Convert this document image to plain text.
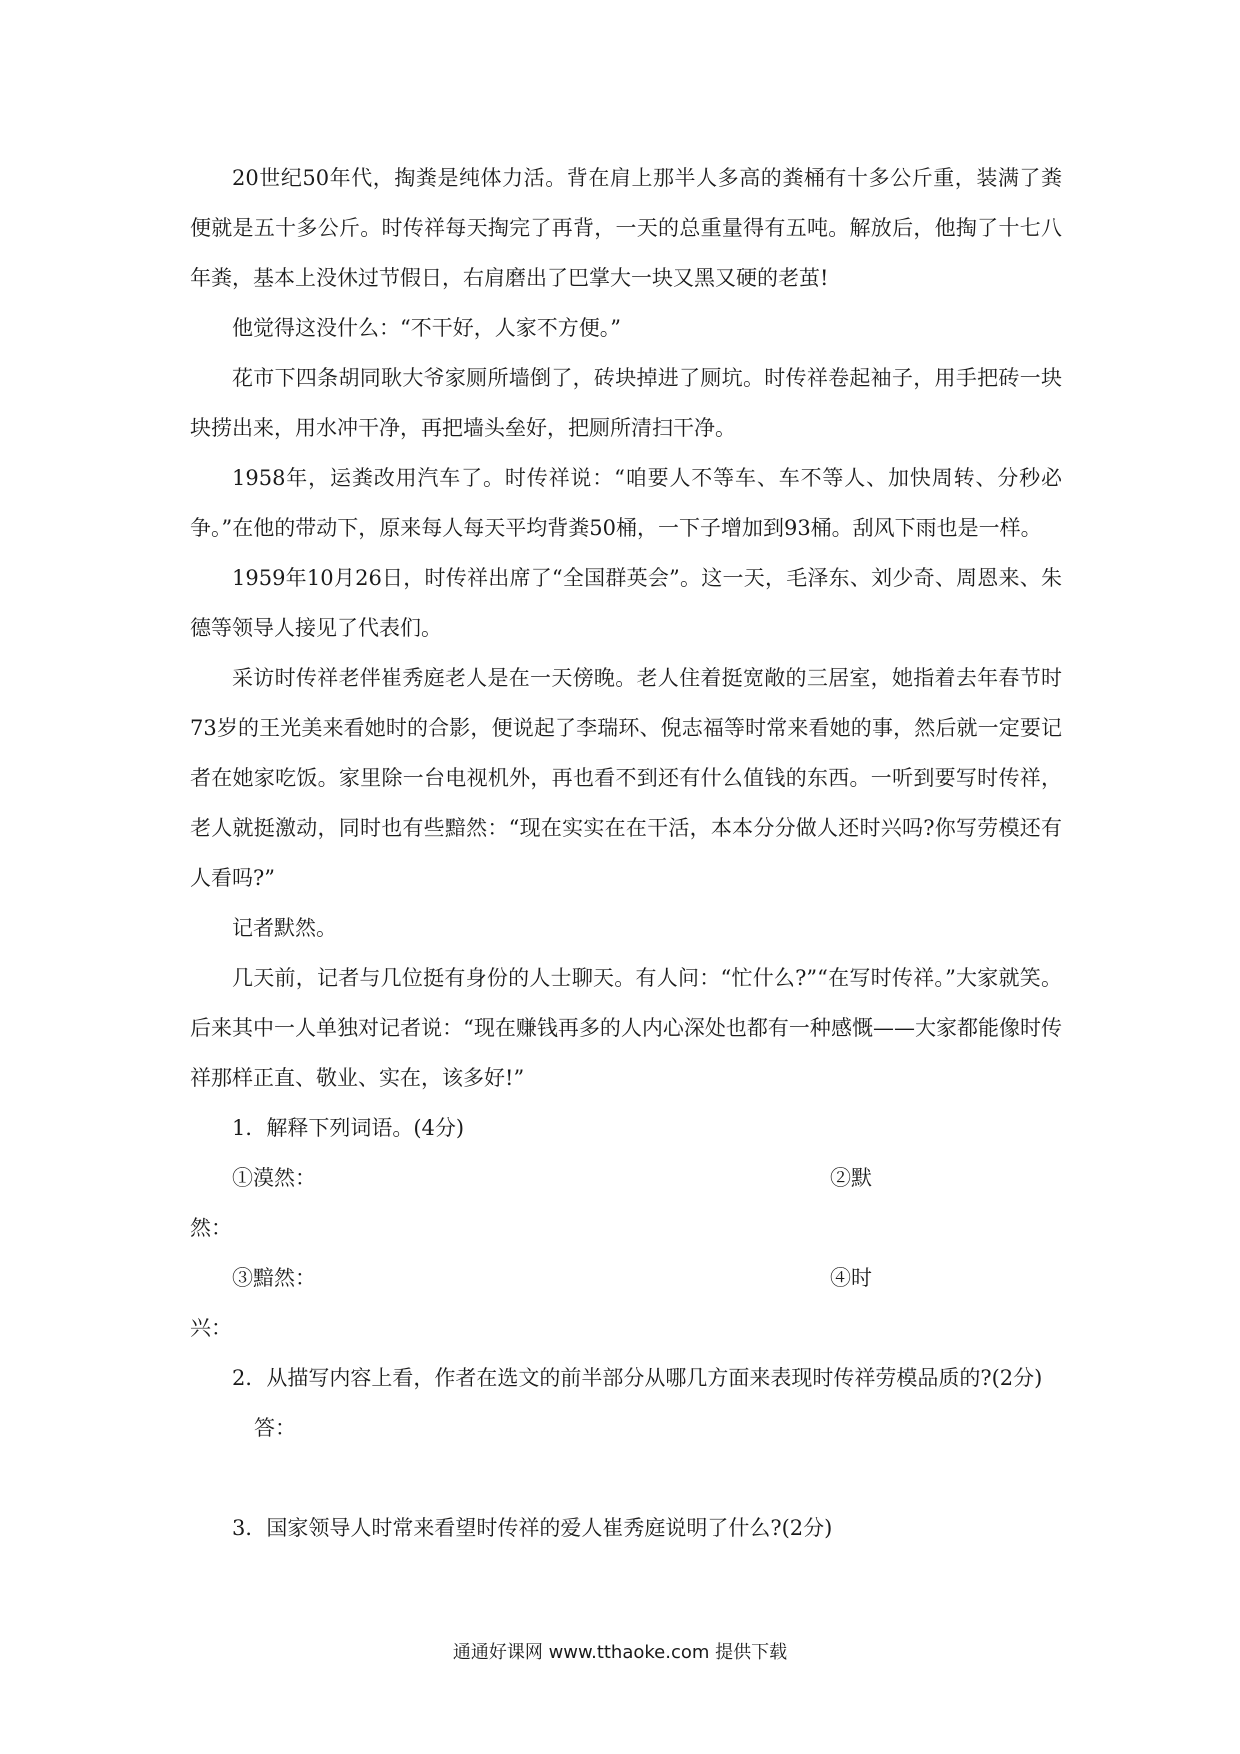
20世纪50年代，掏粪是纯体力活。背在肩上那半人多高的粪桶有十多公斤重，装满了粪便就是五十多公斤。时传祥每天掏完了再背，一天的总重量得有五吨。解放后，他掏了十七八年粪，基本上没休过节假日，右肩磨出了巴掌大一块又黑又硬的老茧!

他觉得这没什么：“不干好，人家不方便。”

花市下四条胡同耿大爷家厕所墙倒了，砖块掉进了厕坑。时传祥卷起袖子，用手把砖一块块捞出来，用水冲干净，再把墙头垒好，把厕所清扫干净。

1958年，运粪改用汽车了。时传祥说：“咱要人不等车、车不等人、加快周转、分秒必争。”在他的带动下，原来每人每天平均背粪50桶，一下子增加到93桶。刮风下雨也是一样。

1959年10月26日，时传祥出席了“全国群英会”。这一天，毛泽东、刘少奇、周恩来、朱德等领导人接见了代表们。

采访时传祥老伴崔秀庭老人是在一天傍晚。老人住着挺宽敞的三居室，她指着去年春节时73岁的王光美来看她时的合影，便说起了李瑞环、倪志福等时常来看她的事，然后就一定要记者在她家吃饭。家里除一台电视机外，再也看不到还有什么值钱的东西。一听到要写时传祥，老人就挺激动，同时也有些黯然：“现在实实在在干活，本本分分做人还时兴吗?你写劳模还有人看吗?”

记者默然。

几天前，记者与几位挺有身份的人士聊天。有人问：“忙什么?”“在写时传祥。”大家就笑。后来其中一人单独对记者说：“现在赚钱再多的人内心深处也都有一种感慨——大家都能像时传祥那样正直、敬业、实在，该多好!”

1．解释下列词语。(4分)

①漠然：	②默

然：

③黯然：	④时

兴：

2．从描写内容上看，作者在选文的前半部分从哪几方面来表现时传祥劳模品质的?(2分)

答：

3．国家领导人时常来看望时传祥的爱人崔秀庭说明了什么?(2分)

通通好课网 www.tthaoke.com 提供下载
